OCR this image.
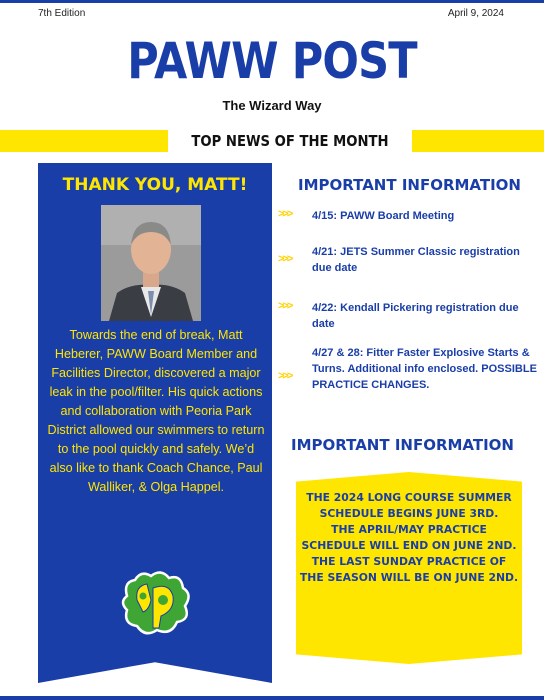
7th Edition	April 9, 2024
PAWW POST
The Wizard Way
TOP NEWS OF THE MONTH
THANK YOU, MATT!
Towards the end of break, Matt Heberer, PAWW Board Member and Facilities Director, discovered a major leak in the pool/filter. His quick actions and collaboration with Peoria Park District allowed our swimmers to return to the pool quickly and safely. We’d also like to thank Coach Chance, Paul Walliker, & Olga Happel.
IMPORTANT INFORMATION
>>> 4/15: PAWW Board Meeting
>>>
4/21: JETS Summer Classic registration due date
>>> 4/22: Kendall Pickering registration due date
>>>
4/27 & 28: Fitter Faster Explosive Starts & Turns. Additional info enclosed. POSSIBLE PRACTICE CHANGES.
IMPORTANT INFORMATION
THE 2024 LONG COURSE SUMMER SCHEDULE BEGINS JUNE 3RD.
THE APRIL/MAY PRACTICE SCHEDULE WILL END ON JUNE 2ND.
THE LAST SUNDAY PRACTICE OF THE SEASON WILL BE ON JUNE 2ND.
